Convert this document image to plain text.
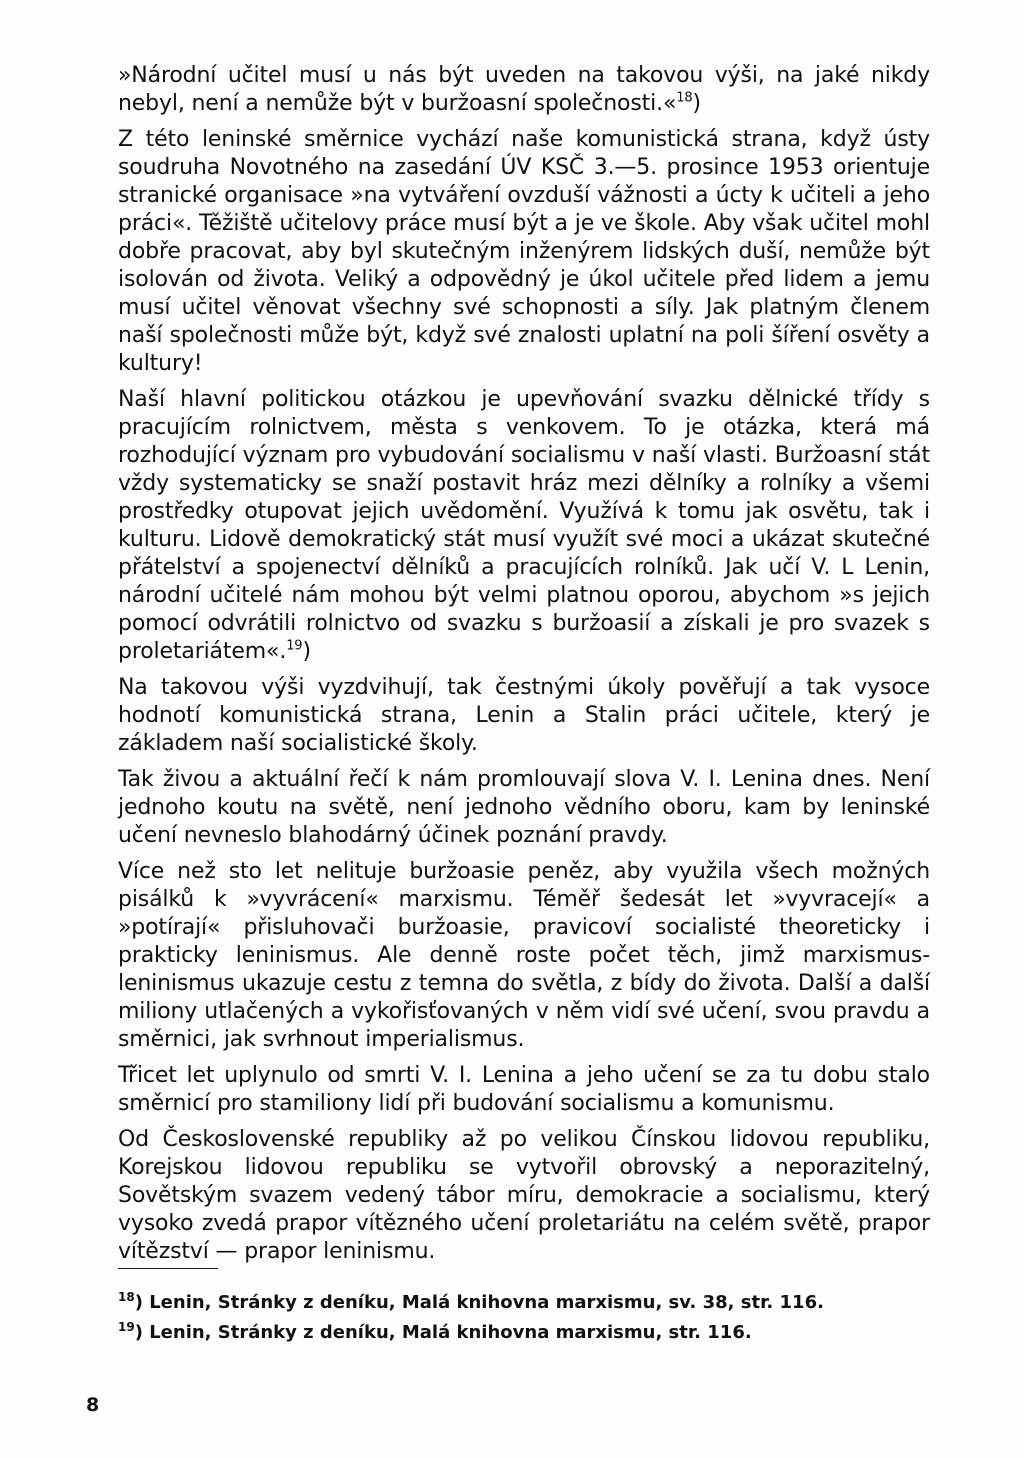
»Národní učitel musí u nás být uveden na takovou výši, na jaké nikdy nebyl, není a nemůže být v buržoasní společnosti.«$^{18}$)

Z této leninské směrnice vychází naše komunistická strana, když ústy soudruha Novotného na zasedání ÚV KSČ 3.—5. prosince 1953 orientuje stranické organisace »na vytváření ovzduší vážnosti a úcty k učiteli a jeho práci«. Těžiště učitelovy práce musí být a je ve škole. Aby však učitel mohl dobře pracovat, aby byl skutečným inženýrem lidských duší, nemůže být isolován od života. Veliký a odpovědný je úkol učitele před lidem a jemu musí učitel věnovat všechny své schopnosti a síly. Jak platným členem naší společnosti může být, když své znalosti uplatní na poli šíření osvěty a kultury!

Naší hlavní politickou otázkou je upevňování svazku dělnické třídy s pracujícím rolnictvem, města s venkovem. To je otázka, která má rozhodující význam pro vybudování socialismu v naší vlasti. Buržoasní stát vždy systematicky se snaží postavit hráz mezi dělníky a rolníky a všemi prostředky otupovat jejich uvědomění. Využívá k tomu jak osvětu, tak i kulturu. Lidově demokratický stát musí využít své moci a ukázat skutečné přátelství a spojenectví dělníků a pracujících rolníků. Jak učí V. L Lenin, národní učitelé nám mohou být velmi platnou oporou, abychom »s jejich pomocí odvrátili rolnictvo od svazku s buržoasií a získali je pro svazek s proletariátem«.$^{19}$)

Na takovou výši vyzdvihují, tak čestnými úkoly pověřují a tak vysoce hodnotí komunistická strana, Lenin a Stalin práci učitele, který je základem naší socialistické školy.

Tak živou a aktuální řečí k nám promlouvají slova V. I. Lenina dnes. Není jednoho koutu na světě, není jednoho vědního oboru, kam by leninské učení nevneslo blahodárný účinek poznání pravdy.

Více než sto let nelituje buržoasie peněz, aby využila všech možných pisálků k »vyvrácení« marxismu. Téměř šedesát let »vyvracejí« a »potírají« přisluhovači buržoasie, pravicoví socialisté theoreticky i prakticky leninismus. Ale denně roste počet těch, jimž marxismus-leninismus ukazuje cestu z temna do světla, z bídy do života. Další a další miliony utlačených a vykořisťovaných v něm vidí své učení, svou pravdu a směrnici, jak svrhnout imperialismus.

Třicet let uplynulo od smrti V. I. Lenina a jeho učení se za tu dobu stalo směrnicí pro stamiliony lidí při budování socialismu a komunismu.

Od Československé republiky až po velikou Čínskou lidovou republiku, Korejskou lidovou republiku se vytvořil obrovský a neporazitelný, Sovětským svazem vedený tábor míru, demokracie a socialismu, který vysoko zvedá prapor vítězného učení proletariátu na celém světě, prapor vítězství — prapor leninismu.

$^{18}$) Lenin, Stránky z deníku, Malá knihovna marxismu, sv. 38, str. 116.

$^{19}$) Lenin, Stránky z deníku, Malá knihovna marxismu, str. 116.

8
